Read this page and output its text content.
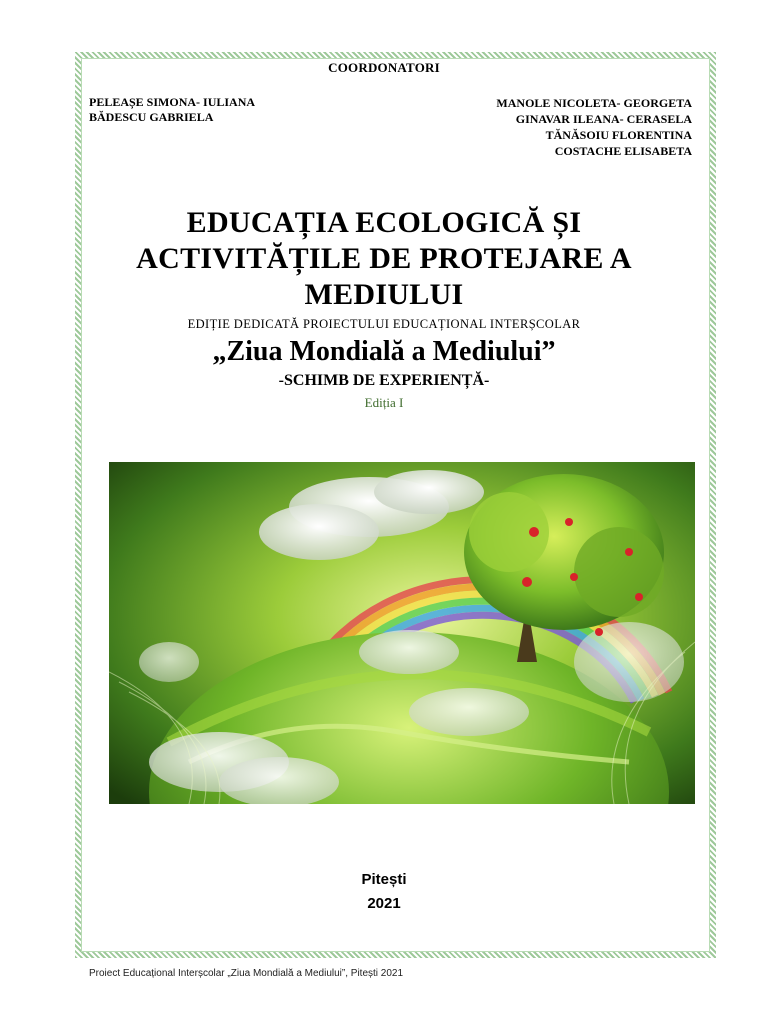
COORDONATORI
PELEAȘE SIMONA- IULIANA
BĂDESCU GABRIELA
MANOLE NICOLETA- GEORGETA
GINAVAR ILEANA- CERASELA
TĂNĂSOIU FLORENTINA
COSTACHE ELISABETA
EDUCAȚIA ECOLOGICĂ ȘI
ACTIVITĂȚILE DE PROTEJARE A
MEDIULUI
EDIȚIE DEDICATĂ PROIECTULUI EDUCAȚIONAL INTERȘCOLAR
„Ziua Mondială a Mediului”
-SCHIMB DE EXPERIENȚĂ-
Ediția I
Pitești
2021
Proiect Educațional Interșcolar „Ziua Mondială a Mediului”, Pitești 2021
